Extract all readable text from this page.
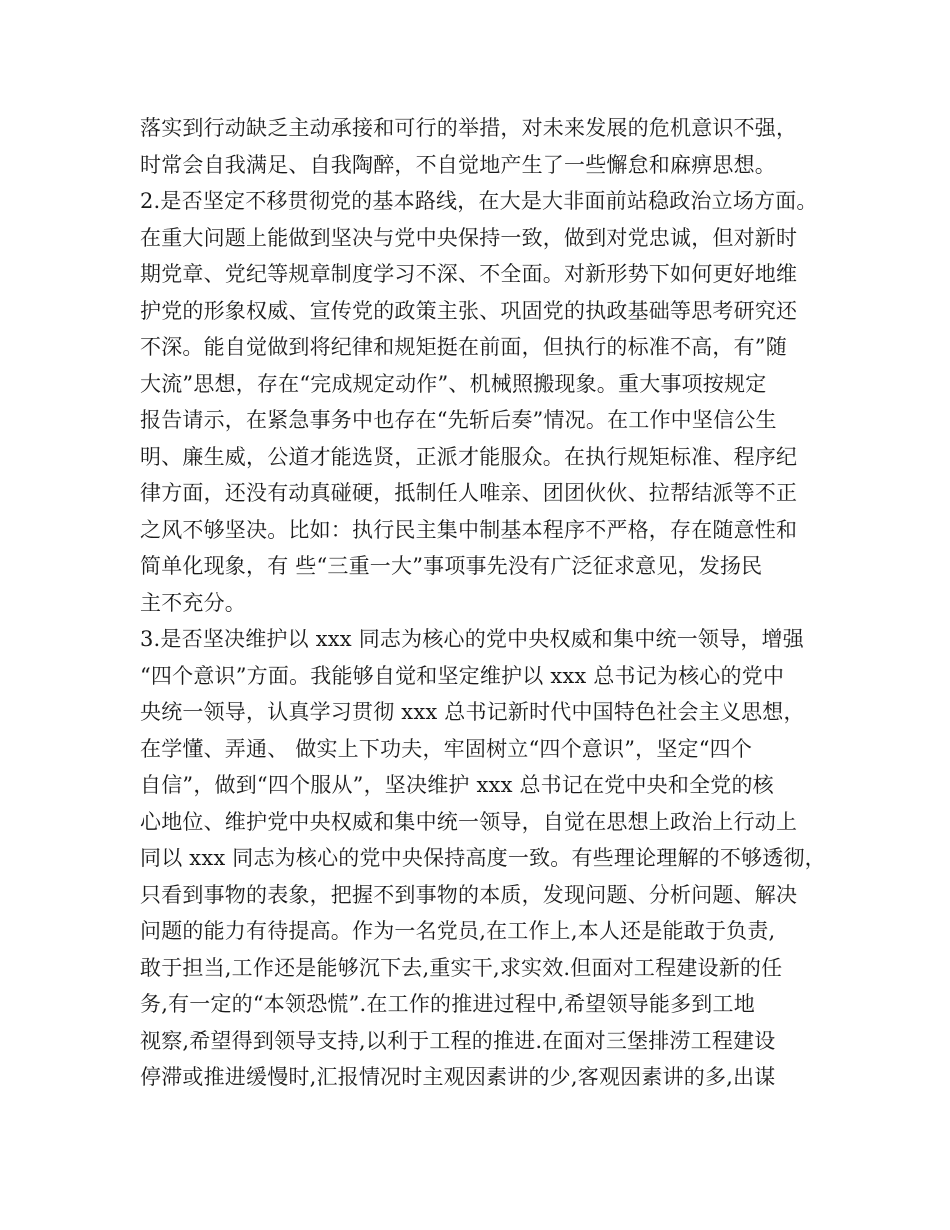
落实到行动缺乏主动承接和可行的举措，对未来发展的危机意识不强，
时常会自我满足、自我陶醉，不自觉地产生了一些懈怠和麻痹思想。
2.是否坚定不移贯彻党的基本路线，在大是大非面前站稳政治立场方面。
在重大问题上能做到坚决与党中央保持一致，做到对党忠诚，但对新时
期党章、党纪等规章制度学习不深、不全面。对新形势下如何更好地维
护党的形象权威、宣传党的政策主张、巩固党的执政基础等思考研究还
不深。能自觉做到将纪律和规矩挺在前面，但执行的标准不高，有”随
大流”思想，存在“完成规定动作”、机械照搬现象。重大事项按规定
报告请示，在紧急事务中也存在“先斩后奏”情况。在工作中坚信公生
明、廉生威，公道才能选贤，正派才能服众。在执行规矩标准、程序纪
律方面，还没有动真碰硬，抵制任人唯亲、团团伙伙、拉帮结派等不正
之风不够坚决。比如：执行民主集中制基本程序不严格，存在随意性和
简单化现象，有 些“三重一大”事项事先没有广泛征求意见，发扬民
主不充分。
3.是否坚决维护以 xxx 同志为核心的党中央权威和集中统一领导，增强
“四个意识”方面。我能够自觉和坚定维护以 xxx 总书记为核心的党中
央统一领导，认真学习贯彻 xxx 总书记新时代中国特色社会主义思想，
在学懂、弄通、 做实上下功夫，牢固树立“四个意识”，坚定“四个
自信”，做到“四个服从”，坚决维护 xxx 总书记在党中央和全党的核
心地位、维护党中央权威和集中统一领导，自觉在思想上政治上行动上
同以 xxx 同志为核心的党中央保持高度一致。有些理论理解的不够透彻，
只看到事物的表象，把握不到事物的本质，发现问题、分析问题、解决
问题的能力有待提高。作为一名党员,在工作上,本人还是能敢于负责,
敢于担当,工作还是能够沉下去,重实干,求实效.但面对工程建设新的任
务,有一定的“本领恐慌”.在工作的推进过程中,希望领导能多到工地
视察,希望得到领导支持,以利于工程的推进.在面对三堡排涝工程建设
停滞或推进缓慢时,汇报情况时主观因素讲的少,客观因素讲的多,出谋
